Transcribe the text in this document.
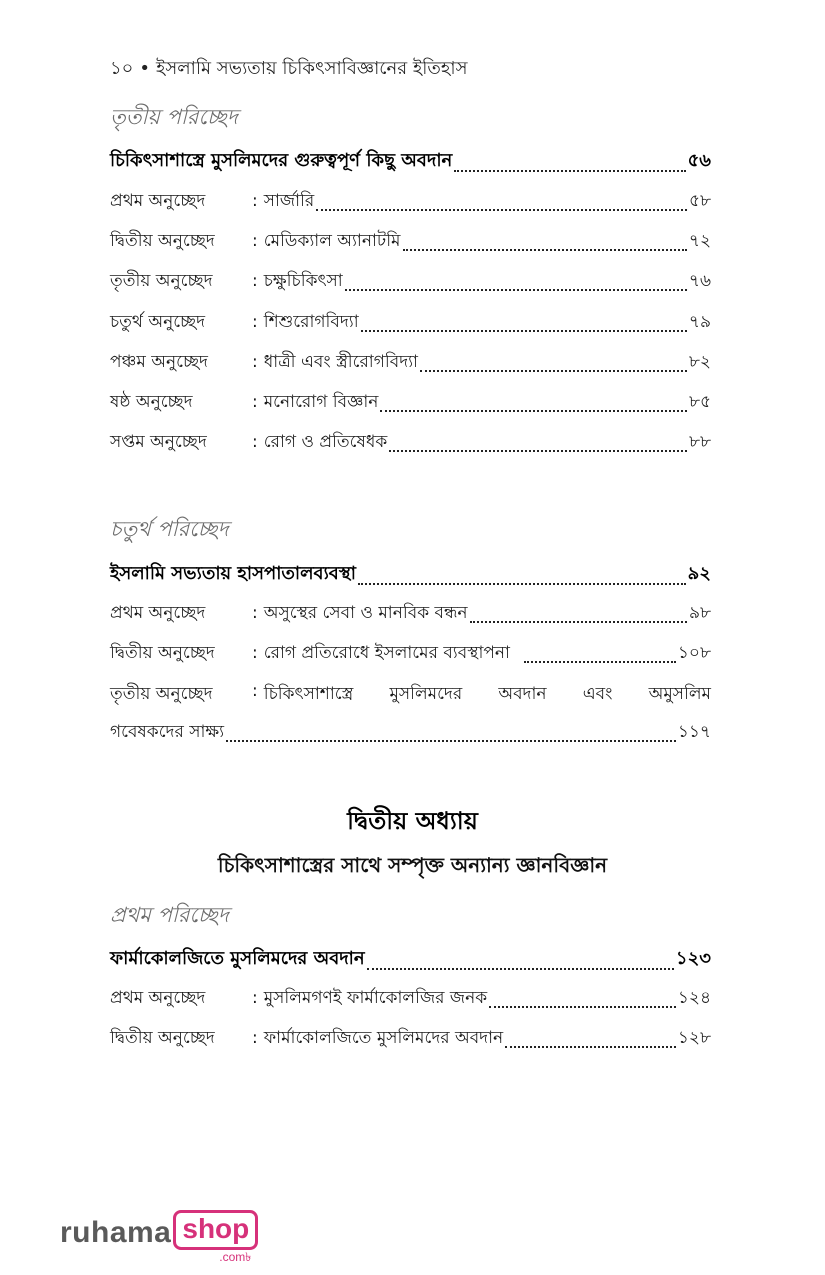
১০ • ইসলামি সভ্যতায় চিকিৎসাবিজ্ঞানের ইতিহাস
তৃতীয় পরিচ্ছেদ
চিকিৎসাশাস্ত্রে মুসলিমদের গুরুত্বপূর্ণ কিছু অবদান	৫৬
প্রথম অনুচ্ছেদ	: সার্জারি	৫৮
দ্বিতীয় অনুচ্ছেদ	: মেডিক্যাল অ্যানাটমি	৭২
তৃতীয় অনুচ্ছেদ	: চক্ষুচিকিৎসা	৭৬
চতুর্থ অনুচ্ছেদ	: শিশুরোগবিদ্যা	৭৯
পঞ্চম অনুচ্ছেদ	: ধাত্রী এবং স্ত্রীরোগবিদ্যা	৮২
ষষ্ঠ অনুচ্ছেদ	: মনোরোগ বিজ্ঞান	৮৫
সপ্তম অনুচ্ছেদ	: রোগ ও প্রতিষেধক	৮৮
চতুর্থ পরিচ্ছেদ
ইসলামি সভ্যতায় হাসপাতালব্যবস্থা	৯২
প্রথম অনুচ্ছেদ	: অসুস্থের সেবা ও মানবিক বন্ধন	৯৮
দ্বিতীয় অনুচ্ছেদ	: রোগ প্রতিরোধে ইসলামের ব্যবস্থাপনা	১০৮
তৃতীয় অনুচ্ছেদ	: চিকিৎসাশাস্ত্রে মুসলিমদের অবদান এবং অমুসলিম
গবেষকদের সাক্ষ্য	১১৭
দ্বিতীয় অধ্যায়
চিকিৎসাশাস্ত্রের সাথে সম্পৃক্ত অন্যান্য জ্ঞানবিজ্ঞান
প্রথম পরিচ্ছেদ
ফার্মাকোলজিতে মুসলিমদের অবদান	১২৩
প্রথম অনুচ্ছেদ	: মুসলিমগণই ফার্মাকোলজির জনক	১২৪
দ্বিতীয় অনুচ্ছেদ	: ফার্মাকোলজিতে মুসলিমদের অবদান	১২৮
ruhama shop
.com৳
